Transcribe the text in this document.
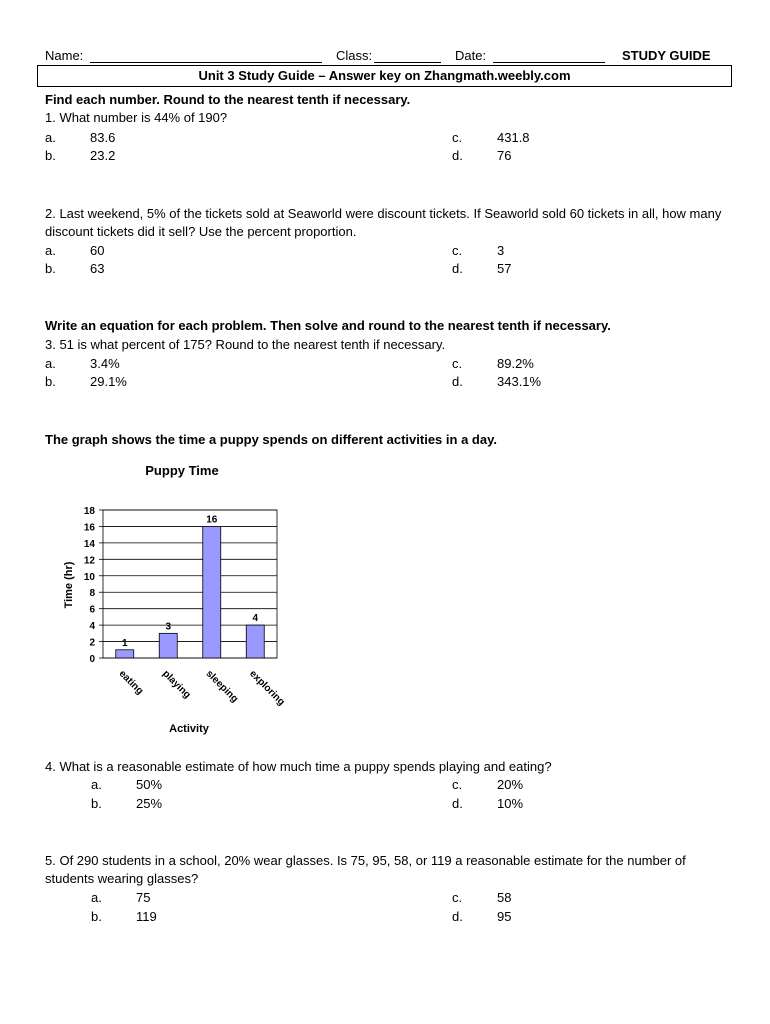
Name:	Class:	Date:	STUDY GUIDE
Unit 3 Study Guide – Answer key on Zhangmath.weebly.com
Find each number. Round to the nearest tenth if necessary.
1. What number is 44% of 190?
a.	83.6	c.	431.8
b.	23.2	d.	76
2. Last weekend, 5% of the tickets sold at Seaworld were discount tickets. If Seaworld sold 60 tickets in all, how many discount tickets did it sell? Use the percent proportion.
a.	60	c.	3
b.	63	d.	57
Write an equation for each problem. Then solve and round to the nearest tenth if necessary.
3. 51 is what percent of 175? Round to the nearest tenth if necessary.
a.	3.4%	c.	89.2%
b.	29.1%	d.	343.1%
The graph shows the time a puppy spends on different activities in a day.
Puppy Time
Time (hr)
Activity
1
3
16
4
0
2
4
6
8
10
12
14
16
18
eating playing sleeping exploring
4. What is a reasonable estimate of how much time a puppy spends playing and eating?
a.	50%	c.	20%
b.	25%	d.	10%
5. Of 290 students in a school, 20% wear glasses. Is 75, 95, 58, or 119 a reasonable estimate for the number of students wearing glasses?
a.	75	c.	58
b.	119	d.	95
